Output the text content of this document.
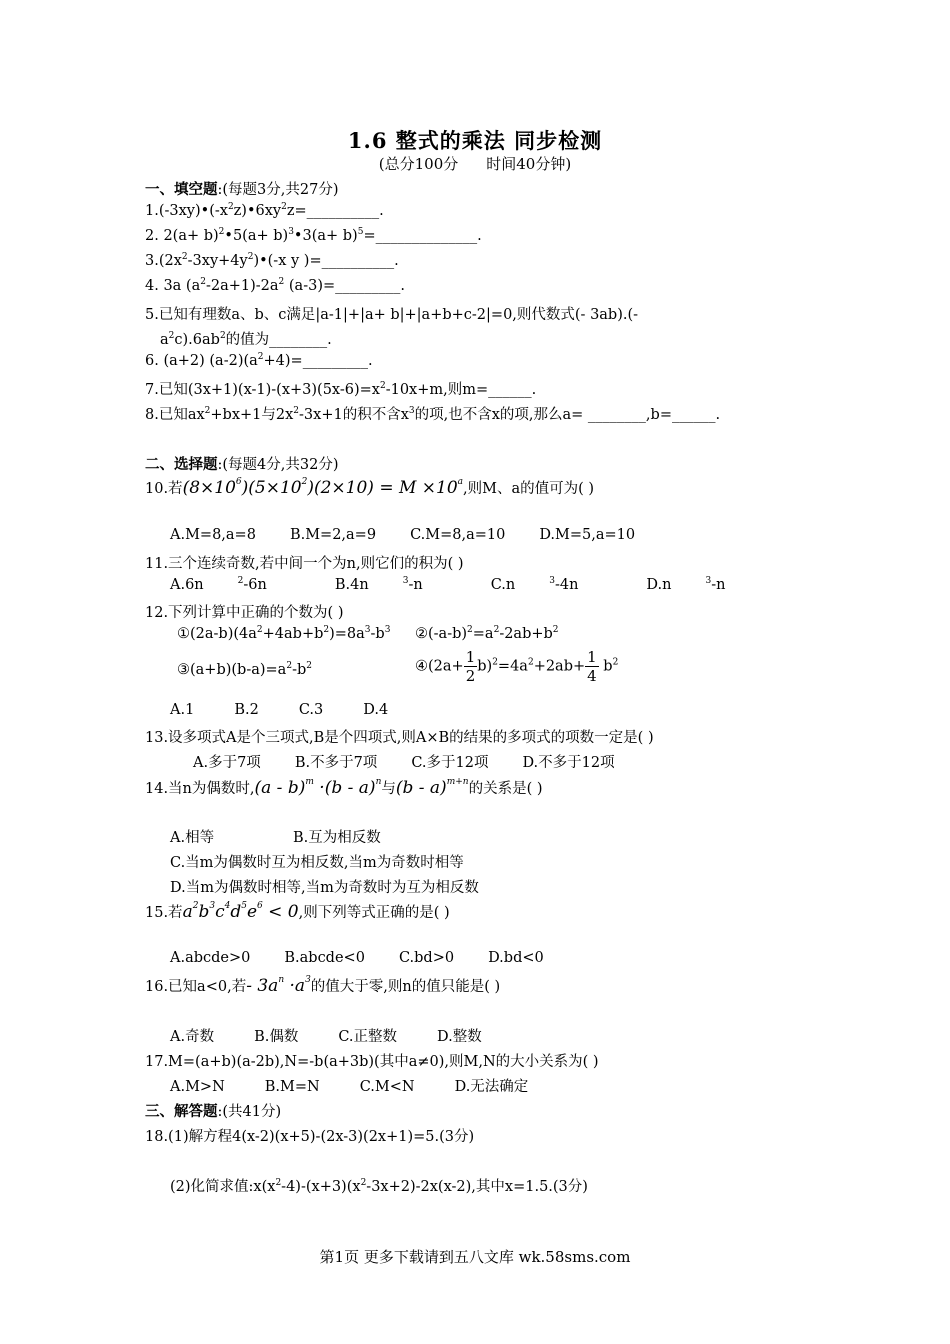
1.6 整式的乘法 同步检测
(总分100分 时间40分钟)
一、填空题:(每题3分,共27分)
$1.(-3xy)•(-x^2z)•6xy^2z=\_\_\_\_\_\_\_\_\_\_$.
2. $2(a+ b)^2•5(a+$ b)$^3$•3(a+ b)$^5$=______________.
$3.(2x^2-3xy+4y^2)•(-x$ y )=__________.
4. 3a $(a^2-2a+1)-2a^2$ (a-3)=_________.
5.已知有理数a、b、c满足|a-1|+|a+ b|+|a+b+c-2|=0,则代数式(- 3ab).(-
$a^2c).6ab^2$的值为________.
6. (a+2) $(a-2)(a^2+4)=\_\_\_\_\_\_\_\_\_$.
7.已知$(3x+1)(x-1)-(x+3)(5x-6)=x^2-10x+m$,则m=______.
8.已知$ax^2+bx+1$与$2x^2-3x+1$的积不含$x^3$的项,也不含x的项,那么a= ________,b=______.
二、选择题:(每题4分,共32分)
10.若$(8\times 10^6)(5\times 10^2)(2\times 10) = M \times 10^a$,则M、a的值可为( )
A.M=8,a=8 B.M=2,a=9 C.M=8,a=10 D.M=5,a=10
11.三个连续奇数,若中间一个为n,则它们的积为( )
A.6n	$^2$-6n	B.4n	$^3$-n	C.n	$^3$-4n	D.n	$^3$-n
12.下列计算中正确的个数为( )
$①(2a-b)(4a^2+4ab+b^2)=8a^3-b^3$ $②(-a-b)^2=a^2-2ab+b^2$
$③(a+b)(b-a)=a^2-b^2$	④(2a+ $\frac{1}{2} b)^2=4a^2+2ab+ \frac{1}{4} b^2$
A.1	B.2	C.3	D.4
13.设多项式A是个三项式,B是个四项式,则A×B的结果的多项式的项数一定是( )
A.多于7项 B.不多于7项 C.多于12项 D.不多于12项
14.当n为偶数时,(a - b)$^m$ ·(b - a)$^n$与(b - a)$^{m+n}$的关系是( )
A.相等	B.互为相反数
C.当m为偶数时互为相反数,当m为奇数时相等
D.当m为偶数时相等,当m为奇数时为互为相反数
15.若$a^2b^3c^4d^5e^6 < 0$,则下列等式正确的是( )
A.abcde>0 B.abcde<0 C.bd>0 D.bd<0
16.已知a<0,若- $3a^n \cdot a^3$的值大于零,则n的值只能是( )
A.奇数	B.偶数	C.正整数	D.整数
17.M=(a+b)(a-2b),N=-b(a+3b)(其中a≠0),则M,N的大小关系为( )
A.M>N	B.M=N	C.M<N	D.无法确定
三、解答题:(共41分)
18.(1)解方程4(x-2)(x+5)-(2x-3)(2x+1)=5.(3分)
(2)化简求值$:x(x^2-4)-(x+3)(x^2-3x+2)-2x(x-2)$,其中x=1.5.(3分)
第1页 更多下载请到五八文库 wk.58sms.com
